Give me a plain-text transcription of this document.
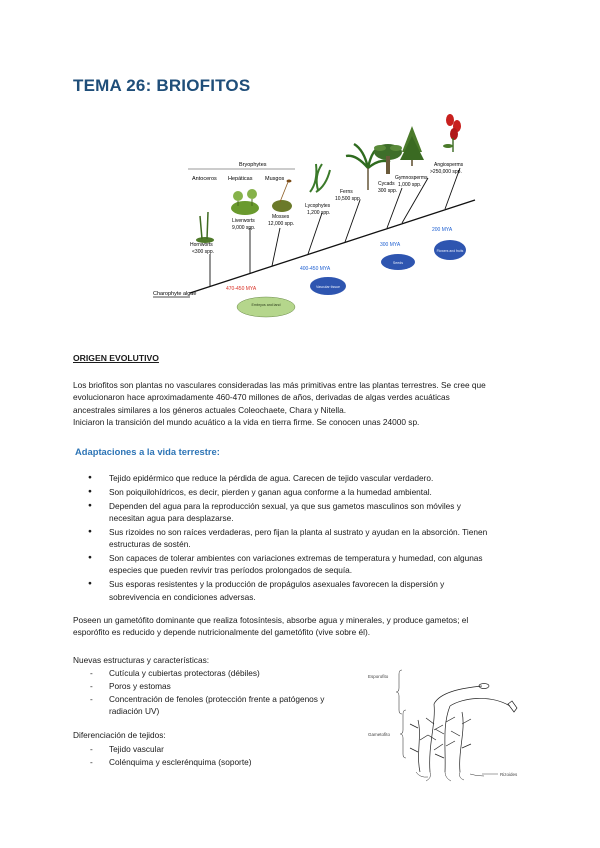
TEMA 26: BRIOFITOS
Bryophytes
Antoceros Hepáticas Musgos
Hornworts
<300 spp.
Liverworts
9,000 spp.
Mosses
12,000 spp.
Lycophytes
1,200 spp.
Ferns
10,500 spp.
Cycads
300 spp.
Gymnosperms
1,000 spp.
Angiosperms
>250,000 spp.
Charophyte algae
470-450 MYA
400-450 MYA
300 MYA
200 MYA
Embryos and land
Vascular tissue
Seeds
Flowers and fruits
ORIGEN EVOLUTIVO
Los briofitos son plantas no vasculares consideradas las más primitivas entre las plantas terrestres. Se cree que
evolucionaron hace aproximadamente 460-470 millones de años, derivadas de algas verdes acuáticas
ancestrales similares a los géneros actuales Coleochaete, Chara y Nitella.
Iniciaron la transición del mundo acuático a la vida en tierra firme. Se conocen unas 24000 sp.
Adaptaciones a la vida terrestre:
● Tejido epidérmico que reduce la pérdida de agua. Carecen de tejido vascular verdadero.
● Son poiquilohídricos, es decir, pierden y ganan agua conforme a la humedad ambiental.
● Dependen del agua para la reproducción sexual, ya que sus gametos masculinos son móviles y
necesitan agua para desplazarse.
● Sus rizoides no son raíces verdaderas, pero fijan la planta al sustrato y ayudan en la absorción. Tienen
estructuras de sostén.
● Son capaces de tolerar ambientes con variaciones extremas de temperatura y humedad, con algunas
especies que pueden revivir tras períodos prolongados de sequía.
● Sus esporas resistentes y la producción de propágulos asexuales favorecen la dispersión y
sobrevivencia en condiciones adversas.
Poseen un gametófito dominante que realiza fotosíntesis, absorbe agua y minerales, y produce gametos; el
esporófito es reducido y depende nutricionalmente del gametófito (vive sobre él).
Nuevas estructuras y características:
- Cutícula y cubiertas protectoras (débiles)
- Poros y estomas
- Concentración de fenoles (protección frente a patógenos y
radiación UV)
Diferenciación de tejidos:
- Tejido vascular
- Colénquima y esclerénquima (soporte)
Esporofito
Gametofito
Rizoides
